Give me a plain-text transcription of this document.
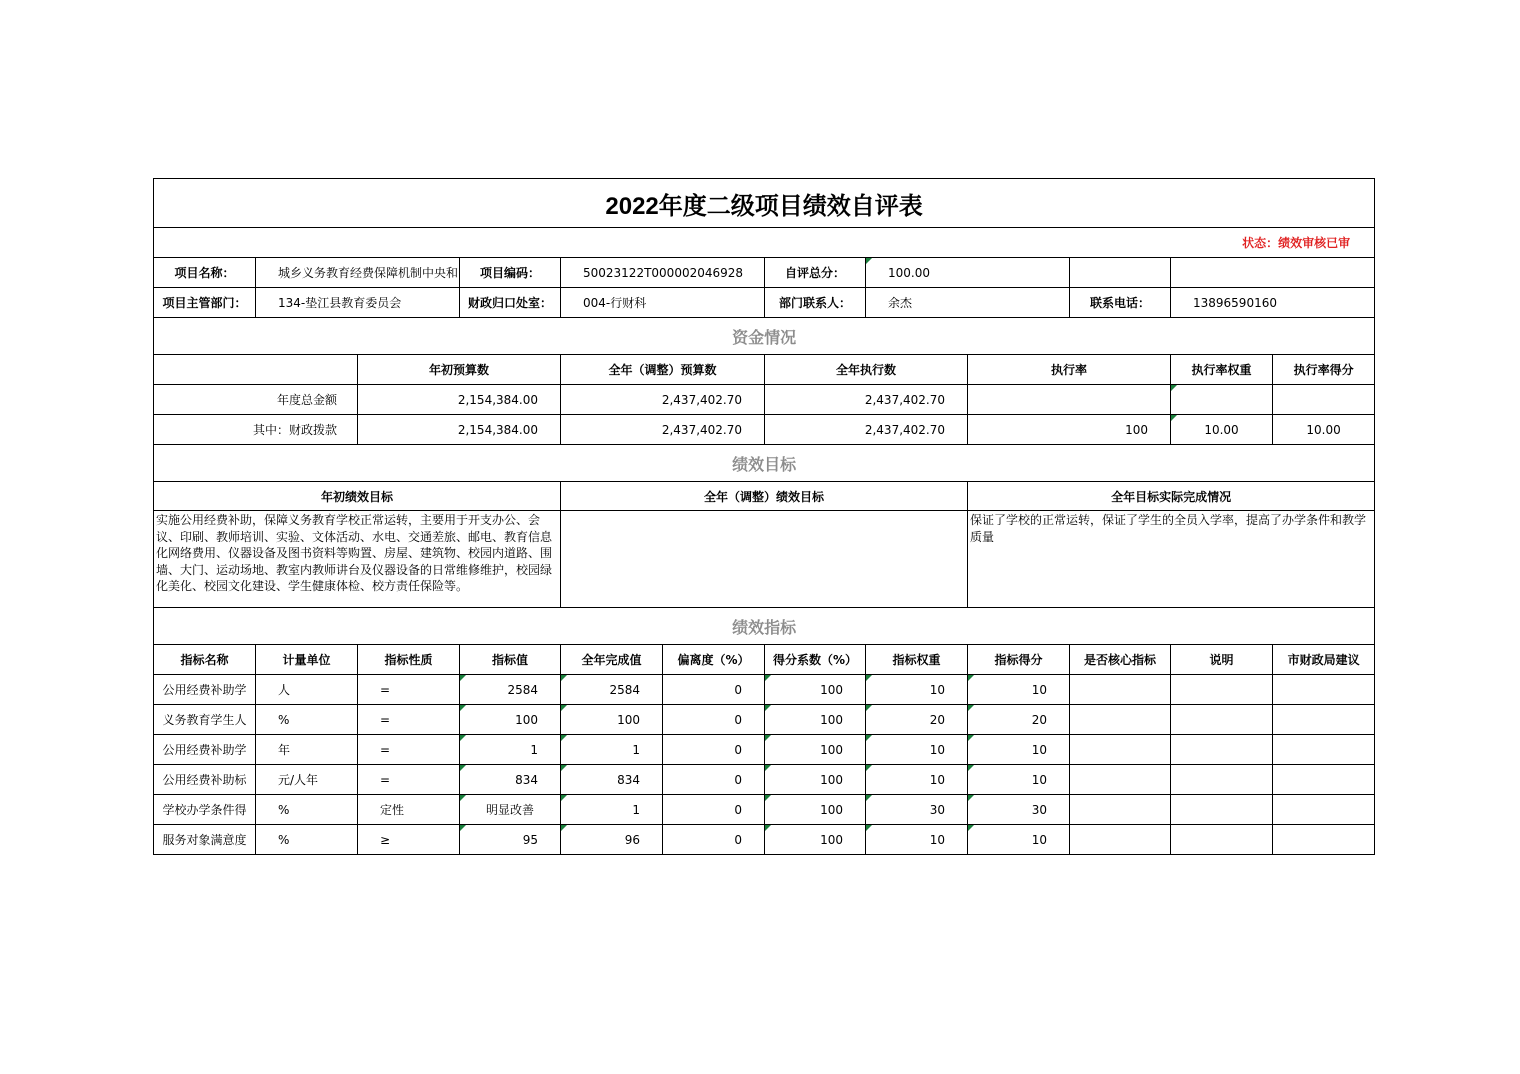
2022年度二级项目绩效自评表											
状态：绩效审核已审											
项目名称：	城乡义务教育经费保障机制中央和		项目编码：	50023122T000002046928		自评总分：	100.00				
项目主管部门：	134-垫江县教育委员会		财政归口处室：	004-行财科		部门联系人：	余杰		联系电话：	13896590160	
资金情况											
		年初预算数		全年（调整）预算数		全年执行数		执行率		执行率权重	执行率得分
年度总金额		2,154,384.00		2,437,402.70		2,437,402.70					
其中：财政拨款		2,154,384.00		2,437,402.70		2,437,402.70		100		10.00	10.00
绩效目标											
年初绩效目标				全年（调整）绩效目标				全年目标实际完成情况			
实施公用经费补助，保障义务教育学校正常运转，主要用于开支办公、会议、印刷、教师培训、实验、文体活动、水电、交通差旅、邮电、教育信息化网络费用、仪器设备及图书资料等购置、房屋、建筑物、校园内道路、围墙、大门、运动场地、教室内教师讲台及仪器设备的日常维修维护，校园绿化美化、校园文化建设、学生健康体检、校方责任保险等。								保证了学校的正常运转，保证了学生的全员入学率，提高了办学条件和教学质量			
绩效指标											
指标名称	计量单位	指标性质	指标值	全年完成值	偏离度（%）	得分系数（%）	指标权重	指标得分	是否核心指标	说明	市财政局建议
公用经费补助学	人	=	2584	2584	0	100	10	10			
义务教育学生人	%	=	100	100	0	100	20	20			
公用经费补助学	年	=	1	1	0	100	10	10			
公用经费补助标	元/人年	=	834	834	0	100	10	10			
学校办学条件得	%	定性	明显改善	1	0	100	30	30			
服务对象满意度	%	≥	95	96	0	100	10	10			
